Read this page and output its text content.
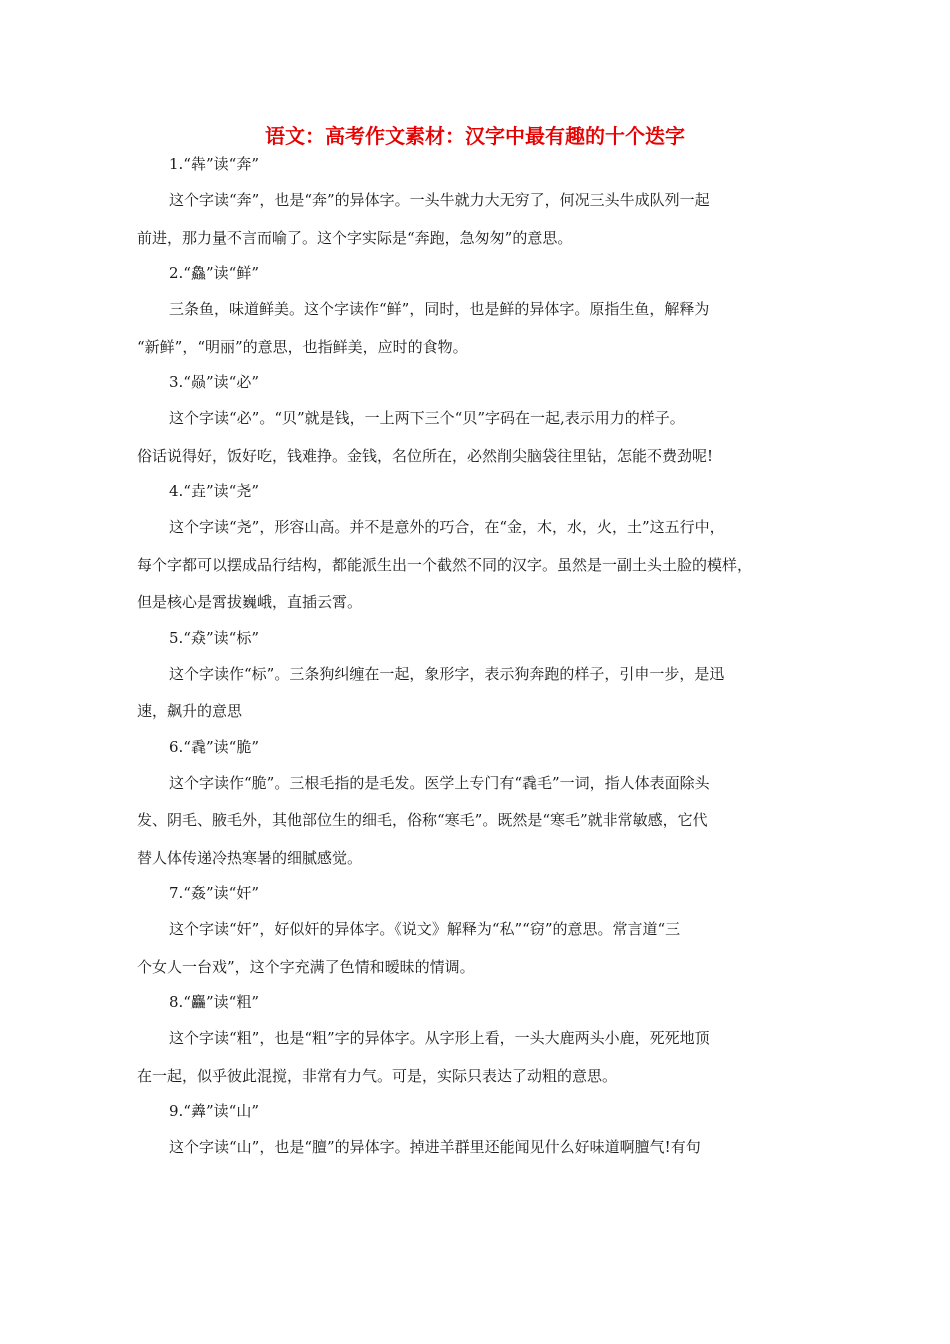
语文：高考作文素材：汉字中最有趣的十个迭字
1.“犇”读“奔”
这个字读“奔”，也是“奔”的异体字。一头牛就力大无穷了，何况三头牛成队列一起
前进，那力量不言而喻了。这个字实际是“奔跑，急匆匆”的意思。
2.“鱻”读“鲜”
三条鱼，味道鲜美。这个字读作“鲜”，同时，也是鲜的异体字。原指生鱼，解释为
“新鲜”，“明丽”的意思，也指鲜美，应时的食物。
3.“赑”读“必”
这个字读“必”。“贝”就是钱，一上两下三个“贝”字码在一起,表示用力的样子。
俗话说得好，饭好吃，钱难挣。金钱，名位所在，必然削尖脑袋往里钻，怎能不费劲呢!
4.“垚”读“尧”
这个字读“尧”，形容山高。并不是意外的巧合，在“金，木，水，火，土”这五行中，
每个字都可以摆成品行结构，都能派生出一个截然不同的汉字。虽然是一副土头土脸的模样，
但是核心是霄拔巍峨，直插云霄。
5.“猋”读“标”
这个字读作“标”。三条狗纠缠在一起，象形字，表示狗奔跑的样子，引申一步，是迅
速，飙升的意思
6.“毳”读“脆”
这个字读作“脆”。三根毛指的是毛发。医学上专门有“毳毛”一词，指人体表面除头
发、阴毛、腋毛外，其他部位生的细毛，俗称“寒毛”。既然是“寒毛”就非常敏感，它代
替人体传递冷热寒暑的细腻感觉。
7.“姦”读“奸”
这个字读“奸”，好似奸的异体字。《说文》解释为“私”“窃”的意思。常言道“三
个女人一台戏”，这个字充满了色情和暧昧的情调。
8.“麤”读“粗”
这个字读“粗”，也是“粗”字的异体字。从字形上看，一头大鹿两头小鹿，死死地顶
在一起，似乎彼此混搅，非常有力气。可是，实际只表达了动粗的意思。
9.“羴”读“山”
这个字读“山”，也是“膻”的异体字。掉进羊群里还能闻见什么好味道啊膻气!有句
